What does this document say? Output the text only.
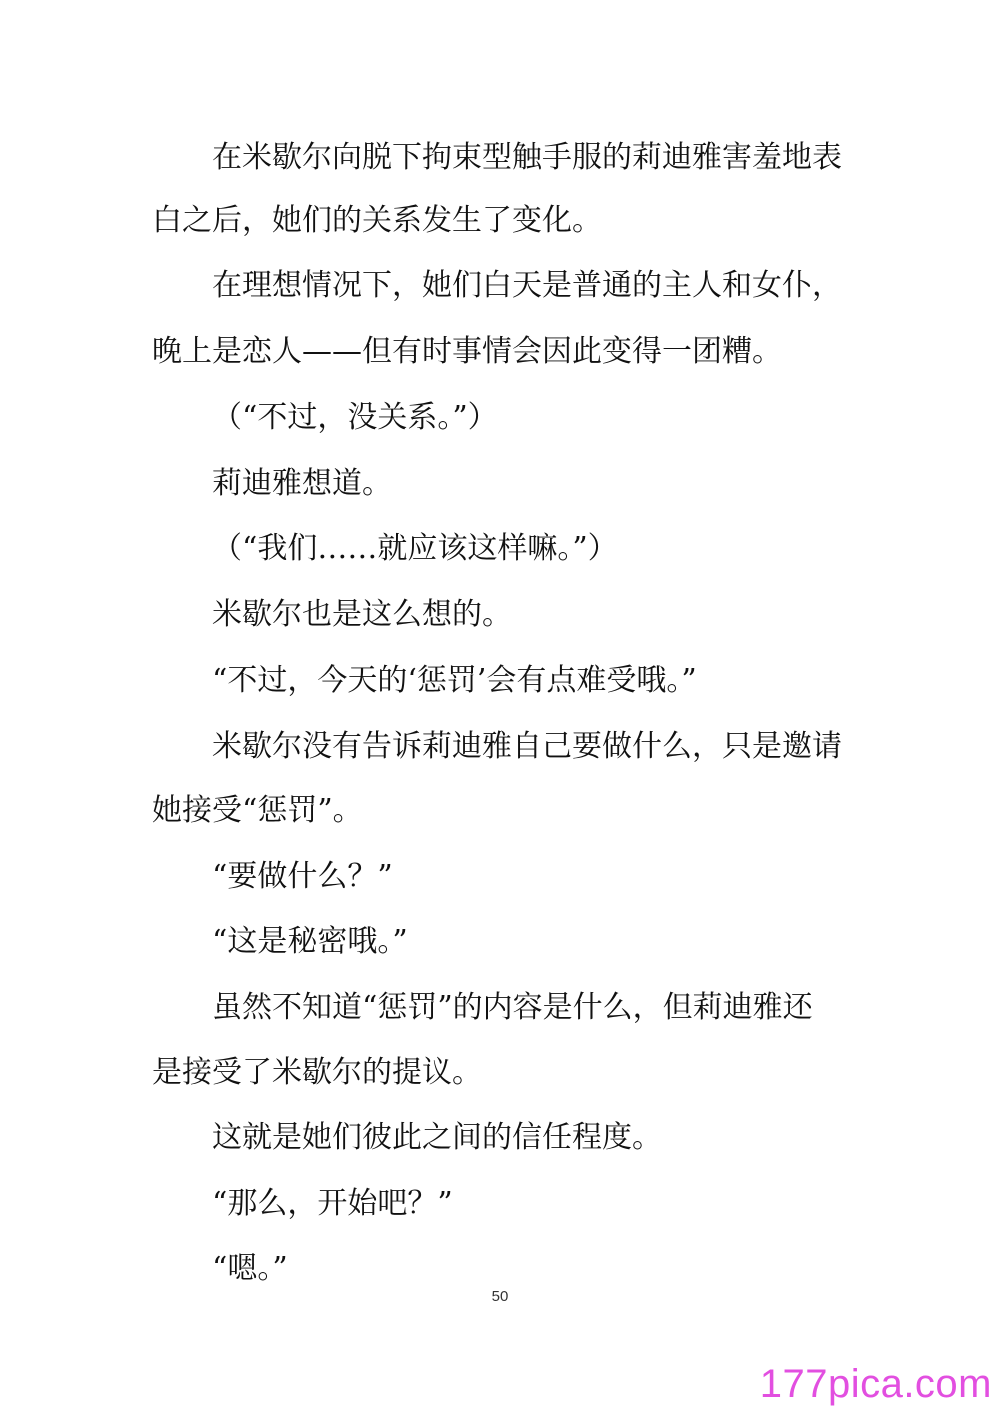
在米歇尔向脱下拘束型触手服的莉迪雅害羞地表
白之后，她们的关系发生了变化。
在理想情况下，她们白天是普通的主人和女仆，
晚上是恋人——但有时事情会因此变得一团糟。
（“不过，没关系。”）
莉迪雅想道。
（“我们……就应该这样嘛。”）
米歇尔也是这么想的。
“不过，今天的‘惩罚’会有点难受哦。”
米歇尔没有告诉莉迪雅自己要做什么，只是邀请
她接受“惩罚”。
“要做什么？”
“这是秘密哦。”
虽然不知道“惩罚”的内容是什么，但莉迪雅还
是接受了米歇尔的提议。
这就是她们彼此之间的信任程度。
“那么，开始吧？”
“嗯。”
50
177pica.com
